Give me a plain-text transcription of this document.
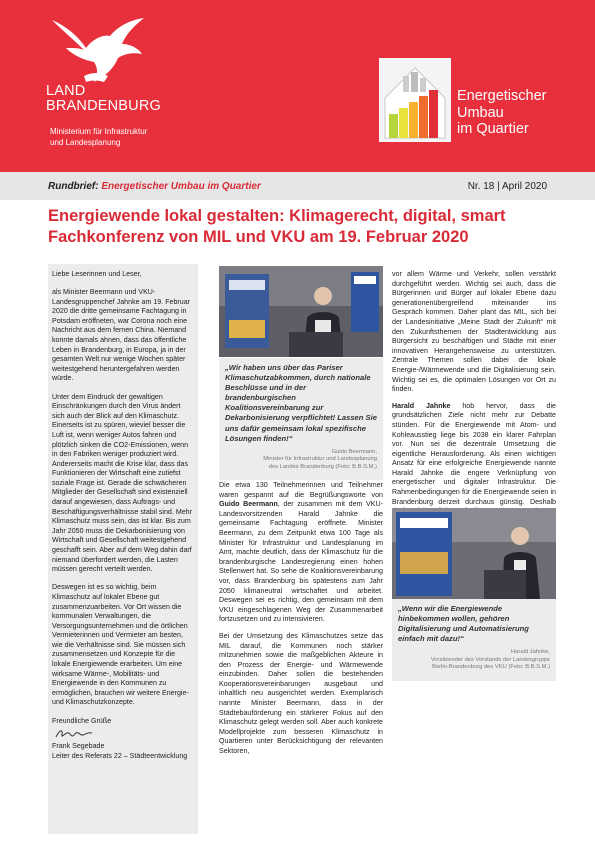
LAND
BRANDENBURG
Ministerium für Infrastruktur
und Landesplanung
Energetischer
Umbau
im Quartier
Rundbrief: Energetischer Umbau im Quartier	Nr. 18 | April 2020
Energiewende lokal gestalten: Klimagerecht, digital, smart
Fachkonferenz von MIL und VKU am 19. Februar 2020

Liebe Leserinnen und Leser,

als Minister Beermann und VKU-Landesgruppenchef Jahnke am 19. Februar 2020 die dritte gemeinsame Fachtagung in Potsdam eröffneten, war Corona noch eine Nachricht aus dem fernen China. Niemand konnte damals ahnen, dass das öffentliche Leben in Brandenburg, in Europa, ja in der gesamten Welt nur wenige Wochen später weitestgehend heruntergefahren werden würde.

Unter dem Eindruck der gewaltigen Einschränkungen durch den Virus ändert sich auch der Blick auf den Klimaschutz. Einerseits ist zu spüren, wieviel besser die Luft ist, wenn weniger Autos fahren und plötzlich sinken die CO2-Emissionen, wenn in den Fabriken weniger produziert wird. Andererseits macht die Krise klar, dass das Funktionieren der Wirtschaft eine zutiefst soziale Frage ist. Gerade die schwächeren Mitglieder der Gesellschaft sind existenziell darauf angewiesen, dass Auftrags- und Beschäftigungsverhältnisse stabil sind. Mehr Klimaschutz muss sein, das ist klar. Bis zum Jahr 2050 muss die Dekarbonisierung von Wirtschaft und Gesellschaft weitestgehend geschafft sein. Aber auf dem Weg dahin darf niemand überfordert werden, die Lasten müssen gerecht verteilt werden.

Deswegen ist es so wichtig, beim Klimaschutz auf lokaler Ebene gut zusammenzuarbeiten. Vor Ort wissen die kommunalen Verwaltungen, die Versorgungsunternehmen und die örtlichen Vermieterinnen und Vermieter am besten, wie die Verhältnisse sind. Sie müssen sich zusammensetzen und Konzepte für die lokale Energiewende erarbeiten. Um eine wirksame Wärme-, Mobilitäts- und Energiewende in den Kommunen zu ermöglichen, brauchen wir weitere Energie- und Klimaschutzkonzepte.

Freundliche Grüße

Frank Segebade
Leiter des Referats 22 – Städteentwicklung

„Wir haben uns über das Pariser Klimaschutzabkommen, durch nationale Beschlüsse und in der brandenburgischen Koalitionsvereinbarung zur Dekarbonisierung verpflichtet! Lassen Sie uns dafür gemeinsam lokal spezifische Lösungen finden!“
Guido Beermann,
Minister für Infrastruktur und Landesplanung
des Landes Brandenburg (Foto: B.B.S.M.)

Die etwa 130 Teilnehmerinnen und Teilnehmer waren gespannt auf die Begrüßungsworte von Guido Beermann, der zusammen mit dem VKU-Landesvorsitzenden Harald Jahnke die gemeinsame Fachtagung eröffnete. Minister Beermann, zu dem Zeitpunkt etwa 100 Tage als Minister für Infrastruktur und Landesplanung im Amt, machte deutlich, dass der Klimaschutz für die brandenburgische Landesregierung einen hohen Stellenwert hat. So sehe die Koalitionsvereinbarung vor, dass Brandenburg bis spätestens zum Jahr 2050 klimaneutral wirtschaftet und arbeitet. Deswegen sei es richtig, den gemeinsam mit dem VKU eingeschlagenen Weg der Zusammenarbeit fortzusetzen und zu intensivieren.

Bei der Umsetzung des Klimaschutzes setze das MIL darauf, die Kommunen noch stärker mitzunehmen sowie die maßgeblichen Akteure in den Prozess der Energie- und Wärmewende einzubinden. Daher sollen die bestehenden Kooperationsvereinbarungen ausgebaut und inhaltlich neu ausgerichtet werden. Exemplarisch nannte Minister Beermann, dass in der Städtebauförderung ein stärkerer Fokus auf den Klimaschutz gelegt werden soll. Aber auch konkrete Modellprojekte zum besseren Klimaschutz in Quartieren unter Berücksichtigung der relevanten Sektoren,

vor allem Wärme und Verkehr, sollen verstärkt durchgeführt werden. Wichtig sei auch, dass die Bürgerinnen und Bürger auf lokaler Ebene dazu generationenübergreifend miteinander ins Gespräch kommen. Daher plant das MIL, sich bei der Landesinitiative „Meine Stadt der Zukunft“ mit den Zukunftsthemen der Stadtentwicklung aus Bürgersicht zu beschäftigen und Städte mit einer innovativen Herangehensweise zu unterstützen. Zentrale Themen sollen dabei die lokale Energie-/Wärmewende und die Digitalisierung sein. Wichtig sei es, die optimalen Lösungen vor Ort zu finden.

Harald Jahnke hob hervor, dass die grundsätzlichen Ziele nicht mehr zur Debatte stünden. Für die Energiewende mit Atom- und Kohleausstieg liege bis 2038 ein klarer Fahrplan vor. Nun sei die dezentrale Umsetzung die eigentliche Herausforderung. Als einen wichtigen Ansatz für eine erfolgreiche Energiewende nannte Harald Jahnke die engere Verknüpfung von energetischer und digitaler Infrastruktur. Die Rahmenbedingungen für die Energiewende seien in Brandenburg derzeit durchaus günstig. Deshalb

„Wenn wir die Energiewende hinbekommen wollen, gehören Digitalisierung und Automatisierung einfach mit dazu!“
Harald Jahnke,
Vorsitzender des Vorstands der Landesgruppe
Berlin-Brandenburg des VKU (Foto: B.B.S.M.)
